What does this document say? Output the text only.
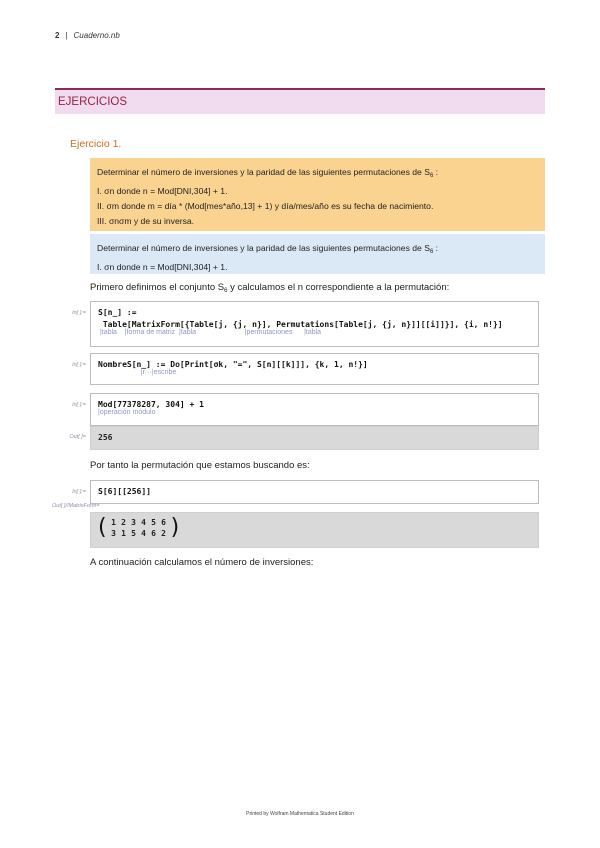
2 | Cuaderno.nb
EJERCICIOS
Ejercicio 1.
Determinar el número de inversiones y la paridad de las siguientes permutaciones de $S_6$ :
I. σn donde n = Mod[DNI,304] + 1.
II. σm donde m = día * (Mod[mes*año,13] + 1) y día/mes/año es su fecha de nacimiento.
III. σnσm y de su inversa.
Determinar el número de inversiones y la paridad de las siguientes permutaciones de $S_6$ :
I. σn donde n = Mod[DNI,304] + 1.
Primero definimos el conjunto $S_6$ y calculamos el n correspondiente a la permutación:
In[ ]:= S[n_] :=
Table[MatrixForm[{Table[j, {j, n}], Permutations[Table[j, {j, n}]][[i]]}], {i, n!}]
|tabla    |forma de matriz  |tabla                         |permutaciones      |tabla
In[ ]:= NombreS[n_] := Do[Print[σk, "=", S[n][[k]]], {k, 1, n!}]
|r···|escribe
In[ ]:= Mod[77378287, 304] + 1
|operación módulo
Out[ ]=	256
Por tanto la permutación que estamos buscando es:
In[ ]:= S[6][[256]]
Out[ ]//MatrixForm=
( 1 2 3 4 5 6
3 1 5 4 6 2 )
A continuación calculamos el número de inversiones:
Printed by Wolfram Mathematica Student Edition
